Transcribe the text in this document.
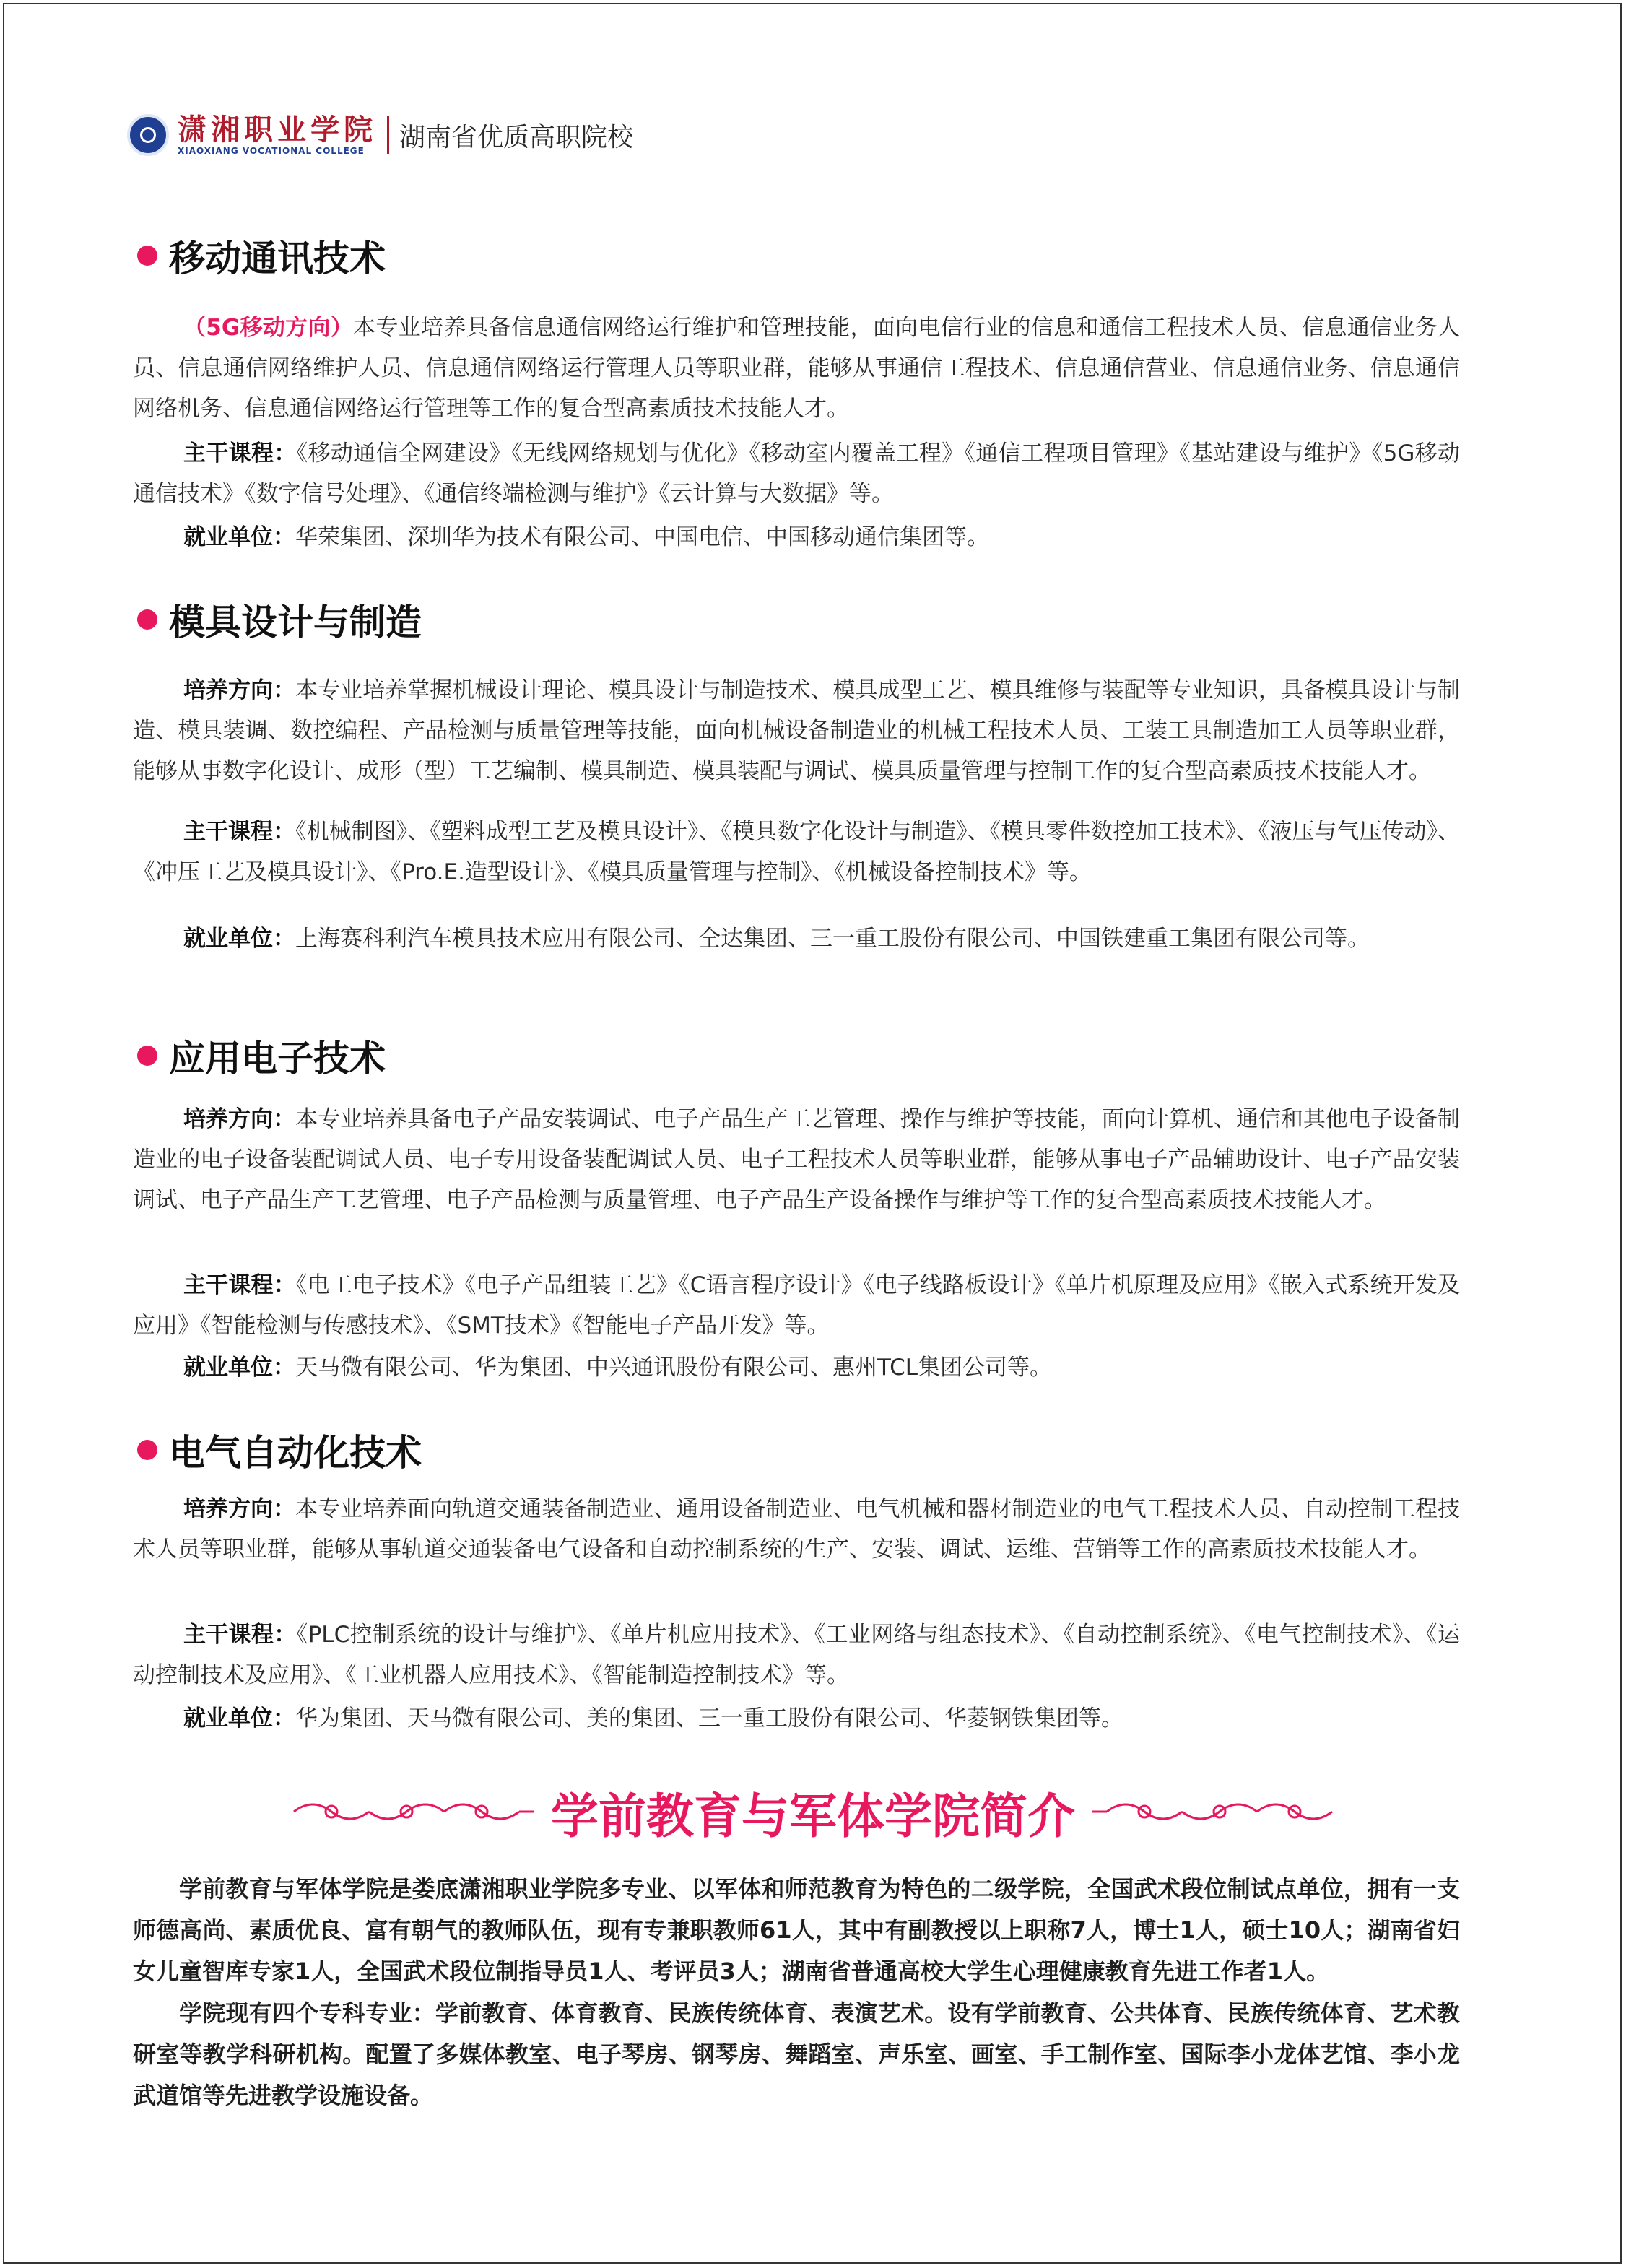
潇湘职业学院
XIAOXIANG VOCATIONAL COLLEGE	湖南省优质高职院校
移动通讯技术

（5G移动方向）本专业培养具备信息通信网络运行维护和管理技能，面向电信行业的信息和通信工程技术人员、信息通信业务人员、信息通信网络维护人员、信息通信网络运行管理人员等职业群，能够从事通信工程技术、信息通信营业、信息通信业务、信息通信网络机务、信息通信网络运行管理等工作的复合型高素质技术技能人才。

主干课程：《移动通信全网建设》《无线网络规划与优化》《移动室内覆盖工程》《通信工程项目管理》《基站建设与维护》《5G移动通信技术》《数字信号处理》、《通信终端检测与维护》《云计算与大数据》等。

就业单位：华荣集团、深圳华为技术有限公司、中国电信、中国移动通信集团等。

模具设计与制造

培养方向：本专业培养掌握机械设计理论、模具设计与制造技术、模具成型工艺、模具维修与装配等专业知识，具备模具设计与制造、模具装调、数控编程、产品检测与质量管理等技能，面向机械设备制造业的机械工程技术人员、工装工具制造加工人员等职业群，能够从事数字化设计、成形（型）工艺编制、模具制造、模具装配与调试、模具质量管理与控制工作的复合型高素质技术技能人才。

主干课程：《机械制图》、《塑料成型工艺及模具设计》、《模具数字化设计与制造》、《模具零件数控加工技术》、《液压与气压传动》、《冲压工艺及模具设计》、《Pro.E.造型设计》、《模具质量管理与控制》、《机械设备控制技术》等。

就业单位：上海赛科利汽车模具技术应用有限公司、仝达集团、三一重工股份有限公司、中国铁建重工集团有限公司等。

应用电子技术

培养方向：本专业培养具备电子产品安装调试、电子产品生产工艺管理、操作与维护等技能，面向计算机、通信和其他电子设备制造业的电子设备装配调试人员、电子专用设备装配调试人员、电子工程技术人员等职业群，能够从事电子产品辅助设计、电子产品安装调试、电子产品生产工艺管理、电子产品检测与质量管理、电子产品生产设备操作与维护等工作的复合型高素质技术技能人才。

主干课程：《电工电子技术》《电子产品组装工艺》《C语言程序设计》《电子线路板设计》《单片机原理及应用》《嵌入式系统开发及应用》《智能检测与传感技术》、《SMT技术》《智能电子产品开发》等。

就业单位：天马微有限公司、华为集团、中兴通讯股份有限公司、惠州TCL集团公司等。

电气自动化技术

培养方向：本专业培养面向轨道交通装备制造业、通用设备制造业、电气机械和器材制造业的电气工程技术人员、自动控制工程技术人员等职业群，能够从事轨道交通装备电气设备和自动控制系统的生产、安装、调试、运维、营销等工作的高素质技术技能人才。

主干课程：《PLC控制系统的设计与维护》、《单片机应用技术》、《工业网络与组态技术》、《自动控制系统》、《电气控制技术》、《运动控制技术及应用》、《工业机器人应用技术》、《智能制造控制技术》等。

就业单位：华为集团、天马微有限公司、美的集团、三一重工股份有限公司、华菱钢铁集团等。

学前教育与军体学院简介

学前教育与军体学院是娄底潇湘职业学院多专业、以军体和师范教育为特色的二级学院，全国武术段位制试点单位，拥有一支师德高尚、素质优良、富有朝气的教师队伍，现有专兼职教师61人，其中有副教授以上职称7人，博士1人，硕士10人；湖南省妇女儿童智库专家1人，全国武术段位制指导员1人、考评员3人；湖南省普通高校大学生心理健康教育先进工作者1人。

学院现有四个专科专业：学前教育、体育教育、民族传统体育、表演艺术。设有学前教育、公共体育、民族传统体育、艺术教研室等教学科研机构。配置了多媒体教室、电子琴房、钢琴房、舞蹈室、声乐室、画室、手工制作室、国际李小龙体艺馆、李小龙武道馆等先进教学设施设备。
